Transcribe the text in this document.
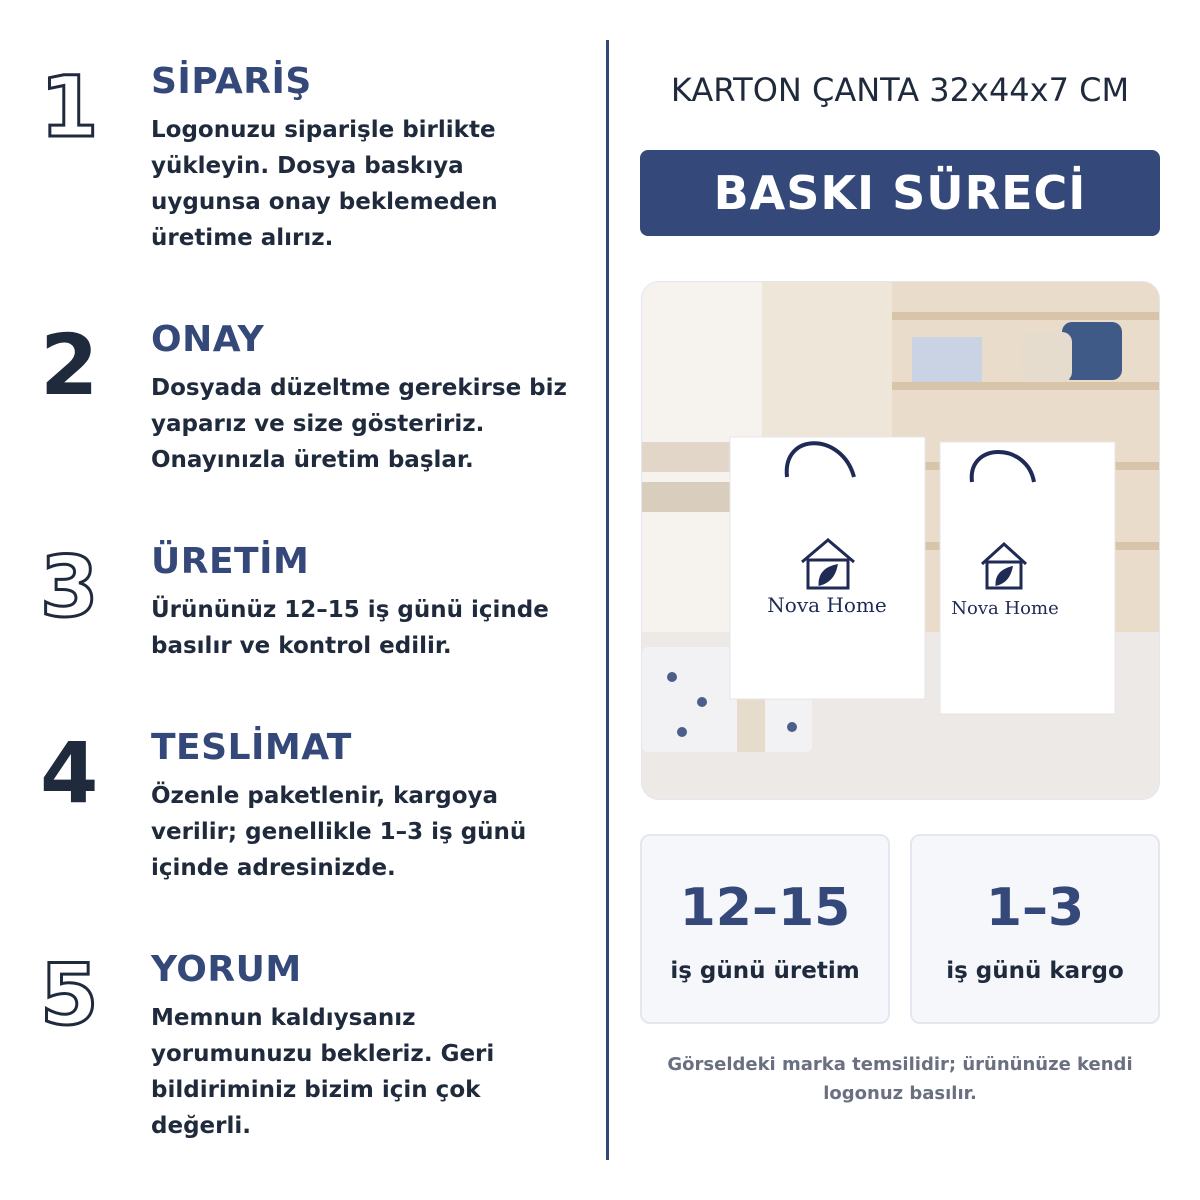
1	SİPARİŞ
Logonuzu siparişle birlikte yükleyin. Dosya baskıya uygunsa onay beklemeden üretime alırız.
2	ONAY
Dosyada düzeltme gerekirse biz yaparız ve size gösteririz. Onayınızla üretim başlar.
3	ÜRETİM
Ürününüz 12–15 iş günü içinde basılır ve kontrol edilir.
4	TESLİMAT
Özenle paketlenir, kargoya verilir; genellikle 1–3 iş günü içinde adresinizde.
5	YORUM
Memnun kaldıysanız yorumunuzu bekleriz. Geri bildiriminiz bizim için çok değerli.
KARTON ÇANTA 32x44x7 CM
BASKI SÜRECİ
Nova Home	Nova Home
12–15
iş günü üretim
1–3
iş günü kargo
Görseldeki marka temsilidir; ürününüze kendi logonuz basılır.
